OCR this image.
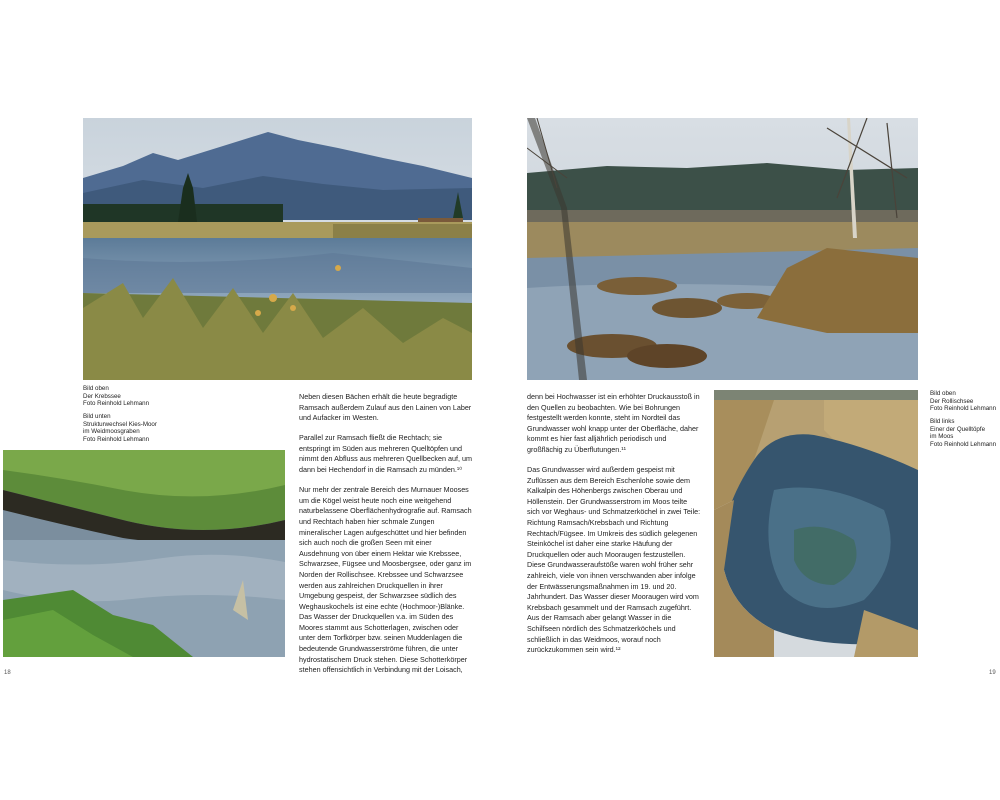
Bild oben
Der Krebssee
Foto Reinhold Lehmann
Bild unten
Strukturwechsel Kies-Moor
im Weidmoosgraben
Foto Reinhold Lehmann

Neben diesen Bächen erhält die heute begradigte Ramsach außerdem Zulauf aus den Lainen von Laber und Aufacker im Westen.

Parallel zur Ramsach fließt die Rechtach; sie entspringt im Süden aus mehreren Quelltöpfen und nimmt den Abfluss aus mehreren Quellbecken auf, um dann bei Hechendorf in die Ramsach zu münden.¹⁰

Nur mehr der zentrale Bereich des Murnauer Mooses um die Kögel weist heute noch eine weitgehend naturbelassene Oberflächenhydrografie auf. Ramsach und Rechtach haben hier schmale Zungen mineralischer Lagen aufgeschüttet und hier befinden sich auch noch die großen Seen mit einer Ausdehnung von über einem Hektar wie Krebssee, Schwarzsee, Fügsee und Moosbergsee, oder ganz im Norden der Rollischsee. Krebssee und Schwarzsee werden aus zahlreichen Druckquellen in ihrer Umgebung gespeist, der Schwarzsee südlich des Weghauskochels ist eine echte (Hochmoor-)Blänke. Das Wasser der Druckquellen v.a. im Süden des Moores stammt aus Schotterlagen, zwischen oder unter dem Torfkörper bzw. seinen Muddenlagen die bedeutende Grundwasserströme führen, die unter hydrostatischem Druck stehen. Diese Schotterkörper stehen offensichtlich in Verbindung mit der Loisach,

18

denn bei Hochwasser ist ein erhöhter Druckausstoß in den Quellen zu beobachten. Wie bei Bohrungen festgestellt werden konnte, steht im Nordteil das Grundwasser wohl knapp unter der Oberfläche, daher kommt es hier fast alljährlich periodisch und großflächig zu Überflutungen.¹¹

Das Grundwasser wird außerdem gespeist mit Zuflüssen aus dem Bereich Eschenlohe sowie dem Kalkalpin des Höhenbergs zwischen Oberau und Höllenstein. Der Grundwasserstrom im Moos teilte sich vor Weghaus- und Schmatzerköchel in zwei Teile: Richtung Ramsach/Krebsbach und Richtung Rechtach/Fügsee. Im Umkreis des südlich gelegenen Steinköchel ist daher eine starke Häufung der Druckquellen oder auch Mooraugen festzustellen. Diese Grundwasseraufstöße waren wohl früher sehr zahlreich, viele von ihnen verschwanden aber infolge der Entwässerungsmaßnahmen im 19. und 20. Jahrhundert. Das Wasser dieser Mooraugen wird vom Krebsbach gesammelt und der Ramsach zugeführt. Aus der Ramsach aber gelangt Wasser in die Schilfseen nördlich des Schmatzerköchels und schließlich in das Weidmoos, worauf noch zurückzukommen sein wird.¹²

Bild oben
Der Rollischsee
Foto Reinhold Lehmann
Bild links
Einer der Quelltöpfe
im Moos
Foto Reinhold Lehmann
19
